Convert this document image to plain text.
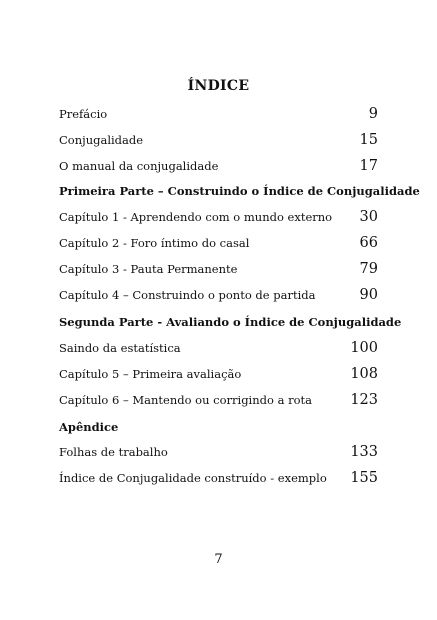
ÍNDICE
Prefácio	9
Conjugalidade	15
O manual da conjugalidade	17
Primeira Parte – Construindo o Índice de Conjugalidade
Capítulo 1 - Aprendendo com o mundo externo 30
Capítulo 2 - Foro íntimo do casal	66
Capítulo 3 - Pauta Permanente	79
Capítulo 4 – Construindo o ponto de partida	90
Segunda Parte - Avaliando o Índice de Conjugalidade
Saindo da estatística	100
Capítulo 5 – Primeira avaliação	108
Capítulo 6 – Mantendo ou corrigindo a rota	123
Apêndice
Folhas de trabalho	133
Índice de Conjugalidade construído - exemplo 155
7
